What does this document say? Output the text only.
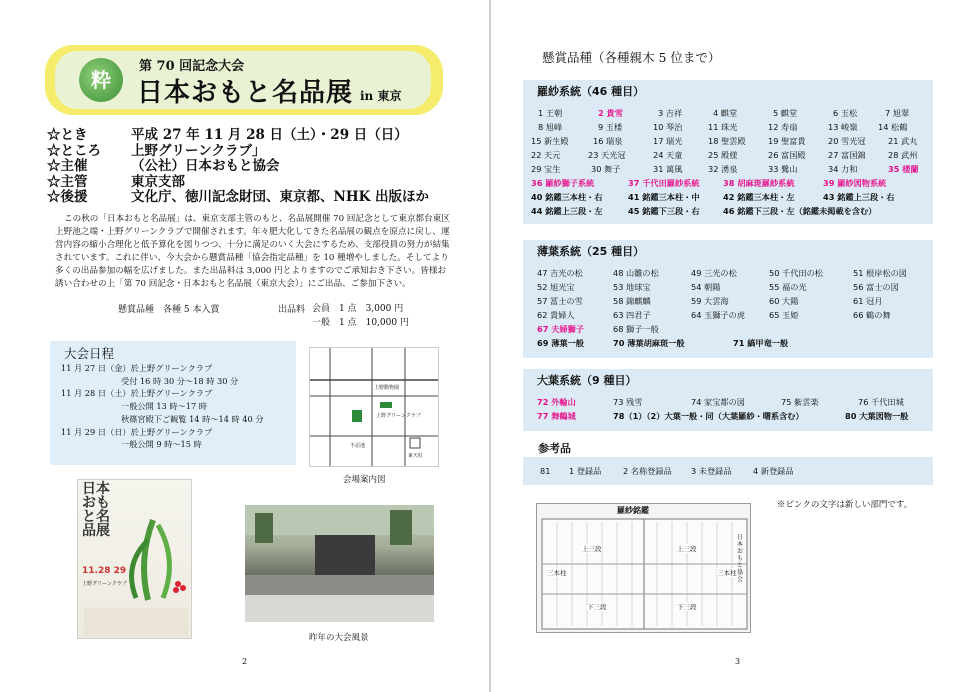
粋
第 70 回記念大会
日本おもと名品展 in 東京
☆とき	平成 27 年 11 月 28 日（土）・29 日（日）
☆ところ	上野グリーンクラブ」
☆主催	（公社）日本おもと協会
☆主管	東京支部
☆後援	文化庁、徳川記念財団、東京都、NHK 出版ほか

この秋の「日本おもと名品展」は、東京支部主管のもと、名品展開催 70 回記念として東京都台東区上野池之端・上野グリーンクラブで開催されます。年々肥大化してきた名品展の観点を原点に戻し、運営内容の縮小合理化と低予算化を図りつつ、十分に満足のいく大会にするため、支部役員の努力が結集されています。これに伴い、今大会から懸賞品種「協会指定品種」を 10 種増やしました。そしてより多くの出品参加の幅を広げました。また出品料は 3,000 円とよりますのでご承知おき下さい。皆様お誘い合わせの上「第 70 回記念・日本おもと名品展（東京大会）」にご出品、ご参加下さい。

懸賞品種　各種 5 本入賞	出品料 会員　1 点　3,000 円
一般　1 点　10,000 円
大会日程
11 月 27 日（金）於上野グリーンクラブ
受付 16 時 30 分～18 時 30 分
11 月 28 日（土）於上野グリーンクラブ
一般公開 13 時～17 時
秋篠宮殿下ご観覧 14 時～14 時 40 分
11 月 29 日（日）於上野グリーンクラブ
一般公開 9 時～15 時
上野グリーンクラブ
上野動物園
不忍池
東天紅
会場案内図
日本おもと名品展
11.28 29
上野グリーンクラブ
昨年の大会風景
2
懸賞品種（各種親木 5 位まで）
羅紗系統（46 種目）
1 王朝	2 貴雪	3 吉祥	4 麒堂	5 麒堂	6 玉松	7 旭翠
8 旭峰	9 玉楼	10 琴治	11 珠光	12 寿扇	13 峻嶺	14 松鶴
15 新生殿	16 瑞泉	17 瑞光	18 聖雲殿	19 聖富貴	20 雪光冠	21 武丸
22 天元	23 天光冠	24 天童	25 殿様	26 富国殿	27 富国錦	28 武州
29 宝生	30 舞子	31 萬風	32 湧泉	33 鷺山	34 力和	35 楼蘭
36 羅紗獅子系統	37 千代田羅紗系統	38 胡麻斑羅紗系統	39 羅紗図物系統
40 銘鑑三本柱・右	41 銘鑑三本柱・中	42 銘鑑三本柱・左	43 銘鑑上三段・右
44 銘鑑上三段・左	45 銘鑑下三段・右	46 銘鑑下三段・左（銘鑑未掲載を含む）
薄葉系統（25 種目）
47 吉光の松	48 山雛の松	49 三光の松	50 千代田の松	51 根岸松の図
52 旭光宝	53 地球宝	54 朝陽	55 福の光	56 富士の図
57 冨士の雪	58 錦麒麟	59 大雲海	60 大陽	61 冠月
62 貴婦人	63 四君子	64 玉獅子の虎	65 玉姫	66 鶴の舞
67 夫婦獅子	68 獅子一般
69 薄葉一般	70 薄葉胡麻斑一般	71 縞甲竜一般
大葉系統（9 種目）
72 外輪山	73 残雪	74 家宝都の図	75 紫雲楽	76 千代田城
77 舞鶴城	78（1）（2）大葉一般・同（大葉羅紗・曙系含む）	80 大葉図物一般
参考品
81 1 登録品	2 名称登録品 3 未登録品	4 新登録品
※ピンクの文字は新しい部門です。
3
羅紗銘鑑
上三段	上三段
三本柱	三本柱
下三段	下三段
日本おもと協会
